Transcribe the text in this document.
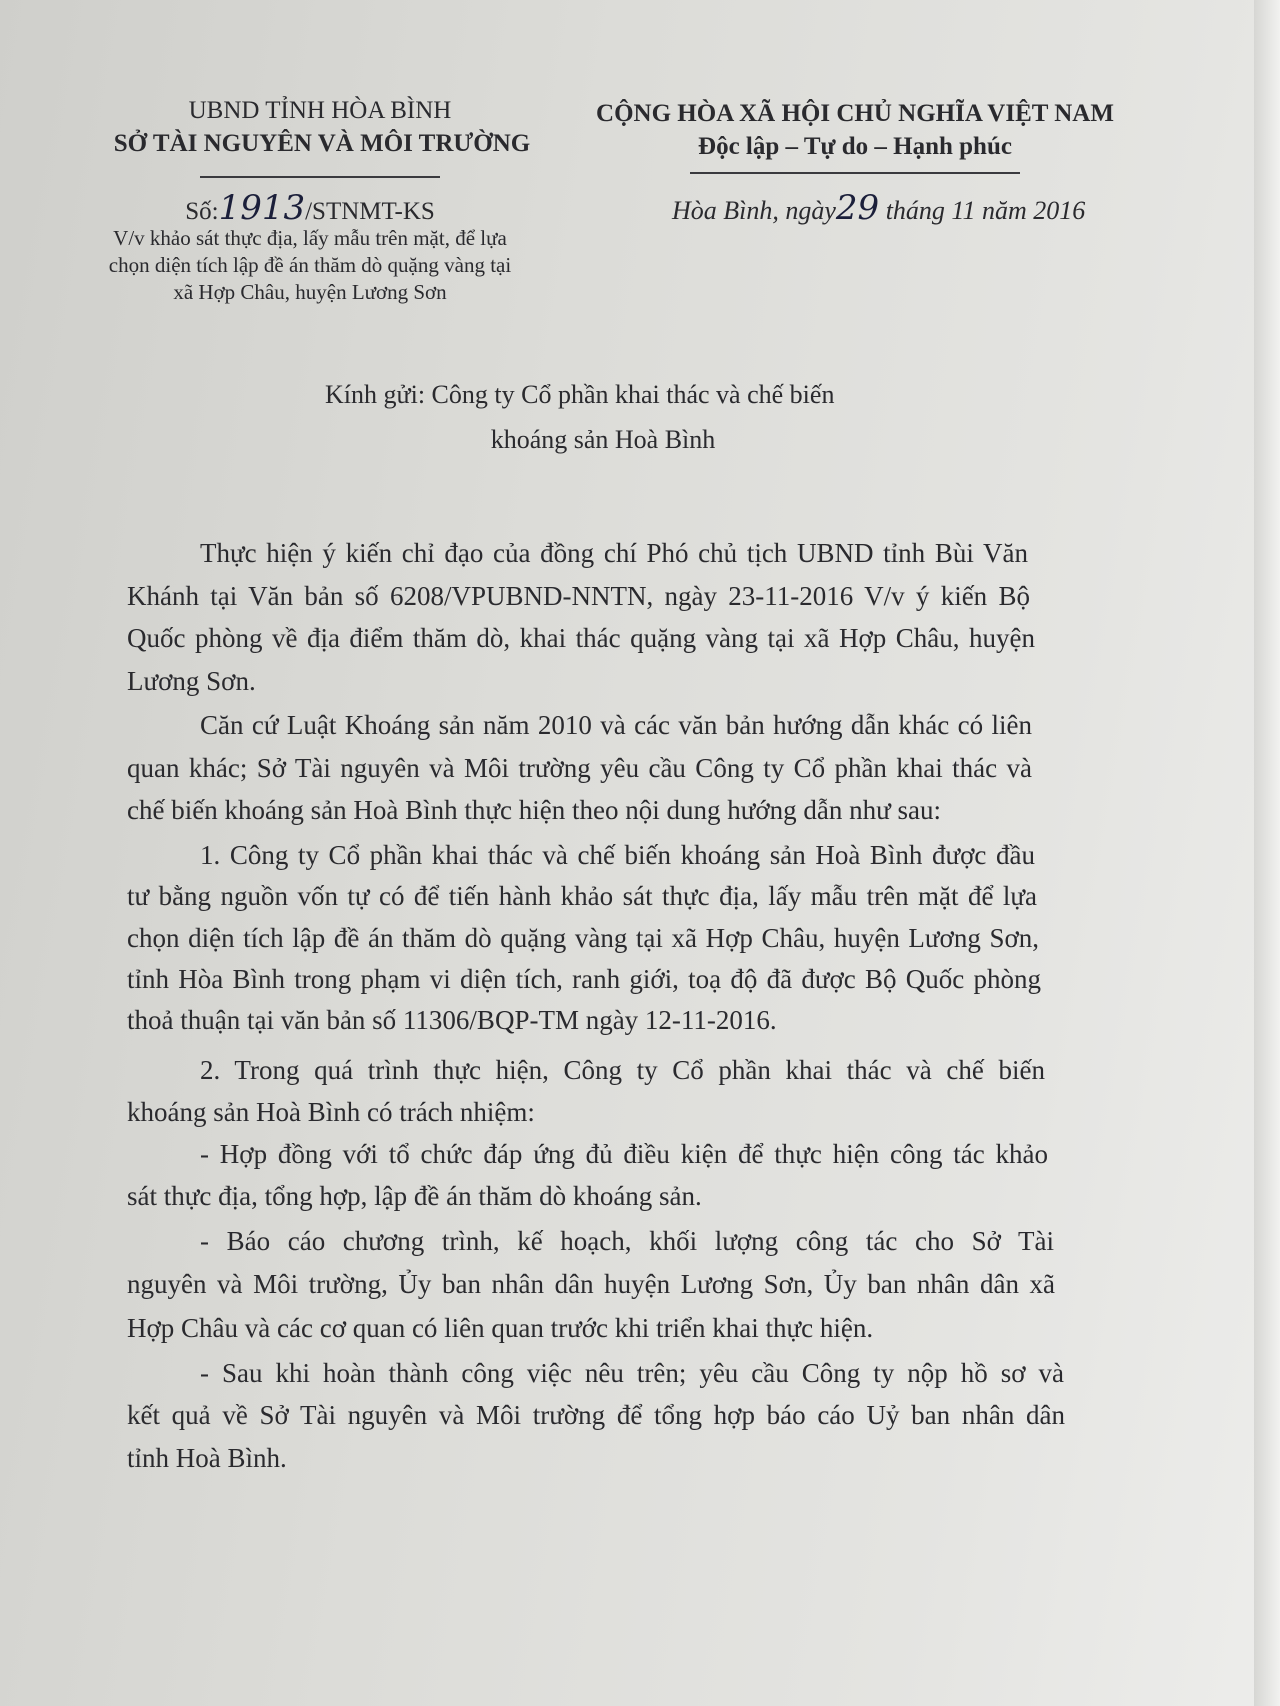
UBND TỈNH HÒA BÌNH
SỞ TÀI NGUYÊN VÀ MÔI TRƯỜNG
Số:1913/STNMT-KS
V/v khảo sát thực địa, lấy mẫu trên mặt, để lựa
chọn diện tích lập đề án thăm dò quặng vàng tại
xã Hợp Châu, huyện Lương Sơn
CỘNG HÒA XÃ HỘI CHỦ NGHĨA VIỆT NAM
Độc lập – Tự do – Hạnh phúc
Hòa Bình, ngày29 tháng 11 năm 2016
Kính gửi: Công ty Cổ phần khai thác và chế biến
khoáng sản Hoà Bình
Thực hiện ý kiến chỉ đạo của đồng chí Phó chủ tịch UBND tỉnh Bùi Văn
Khánh tại Văn bản số 6208/VPUBND-NNTN, ngày 23-11-2016 V/v ý kiến Bộ
Quốc phòng về địa điểm thăm dò, khai thác quặng vàng tại xã Hợp Châu, huyện
Lương Sơn.
Căn cứ Luật Khoáng sản năm 2010 và các văn bản hướng dẫn khác có liên
quan khác; Sở Tài nguyên và Môi trường yêu cầu Công ty Cổ phần khai thác và
chế biến khoáng sản Hoà Bình thực hiện theo nội dung hướng dẫn như sau:
1. Công ty Cổ phần khai thác và chế biến khoáng sản Hoà Bình được đầu
tư bằng nguồn vốn tự có để tiến hành khảo sát thực địa, lấy mẫu trên mặt để lựa
chọn diện tích lập đề án thăm dò quặng vàng tại xã Hợp Châu, huyện Lương Sơn,
tỉnh Hòa Bình trong phạm vi diện tích, ranh giới, toạ độ đã được Bộ Quốc phòng
thoả thuận tại văn bản số 11306/BQP-TM ngày 12-11-2016.
2. Trong quá trình thực hiện, Công ty Cổ phần khai thác và chế biến
khoáng sản Hoà Bình có trách nhiệm:
- Hợp đồng với tổ chức đáp ứng đủ điều kiện để thực hiện công tác khảo
sát thực địa, tổng hợp, lập đề án thăm dò khoáng sản.
- Báo cáo chương trình, kế hoạch, khối lượng công tác cho Sở Tài
nguyên và Môi trường, Ủy ban nhân dân huyện Lương Sơn, Ủy ban nhân dân xã
Hợp Châu và các cơ quan có liên quan trước khi triển khai thực hiện.
- Sau khi hoàn thành công việc nêu trên; yêu cầu Công ty nộp hồ sơ và
kết quả về Sở Tài nguyên và Môi trường để tổng hợp báo cáo Uỷ ban nhân dân
tỉnh Hoà Bình.
